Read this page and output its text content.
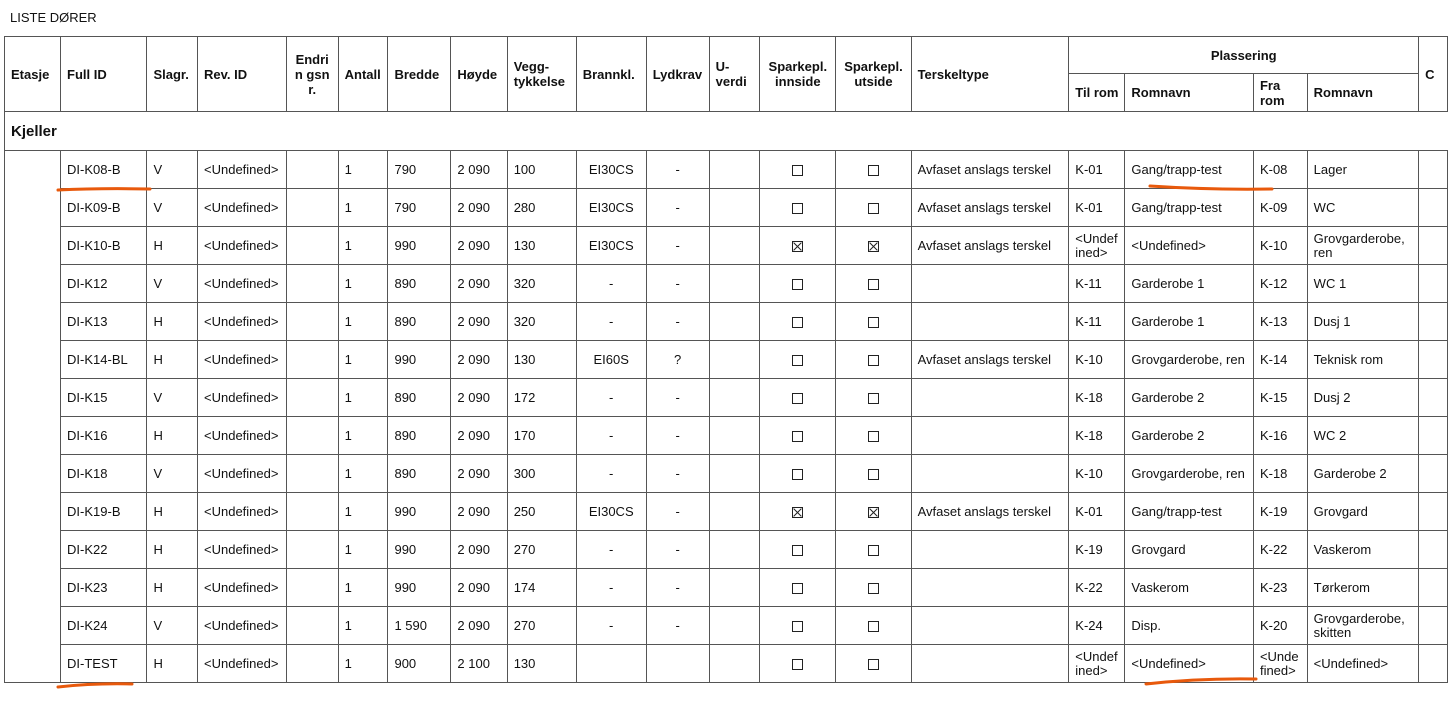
LISTE DØRER
Etasje	Full ID	Slagr.	Rev. ID	Endrin gsnr.	Antall	Bredde	Høyde	Vegg-tykkelse	Brannkl.	Lydkrav	U-verdi	Sparkepl. innside	Sparkepl. utside	Terskeltype	Plassering				C
															Til rom	Romnavn	Fra rom	Romnavn	
Kjeller																			
	DI-K08-B	V	<Undefined>		1	790	2 090	100	EI30CS	-				Avfaset anslags terskel	K-01	Gang/trapp-test	K-08	Lager	
	DI-K09-B	V	<Undefined>		1	790	2 090	280	EI30CS	-				Avfaset anslags terskel	K-01	Gang/trapp-test	K-09	WC	
	DI-K10-B	H	<Undefined>		1	990	2 090	130	EI30CS	-				Avfaset anslags terskel	<Undefined>	<Undefined>	K-10	Grovgarderobe, ren	
	DI-K12	V	<Undefined>		1	890	2 090	320	-	-					K-11	Garderobe 1	K-12	WC 1	
	DI-K13	H	<Undefined>		1	890	2 090	320	-	-					K-11	Garderobe 1	K-13	Dusj 1	
	DI-K14-BL	H	<Undefined>		1	990	2 090	130	EI60S	?				Avfaset anslags terskel	K-10	Grovgarderobe, ren	K-14	Teknisk rom	
	DI-K15	V	<Undefined>		1	890	2 090	172	-	-					K-18	Garderobe 2	K-15	Dusj 2	
	DI-K16	H	<Undefined>		1	890	2 090	170	-	-					K-18	Garderobe 2	K-16	WC 2	
	DI-K18	V	<Undefined>		1	890	2 090	300	-	-					K-10	Grovgarderobe, ren	K-18	Garderobe 2	
	DI-K19-B	H	<Undefined>		1	990	2 090	250	EI30CS	-				Avfaset anslags terskel	K-01	Gang/trapp-test	K-19	Grovgard	
	DI-K22	H	<Undefined>		1	990	2 090	270	-	-					K-19	Grovgard	K-22	Vaskerom	
	DI-K23	H	<Undefined>		1	990	2 090	174	-	-					K-22	Vaskerom	K-23	Tørkerom	
	DI-K24	V	<Undefined>		1	1 590	2 090	270	-	-					K-24	Disp.	K-20	Grovgarderobe, skitten	
	DI-TEST	H	<Undefined>		1	900	2 100	130							<Undefined>	<Undefined>	<Undefined>	<Undefined>	
